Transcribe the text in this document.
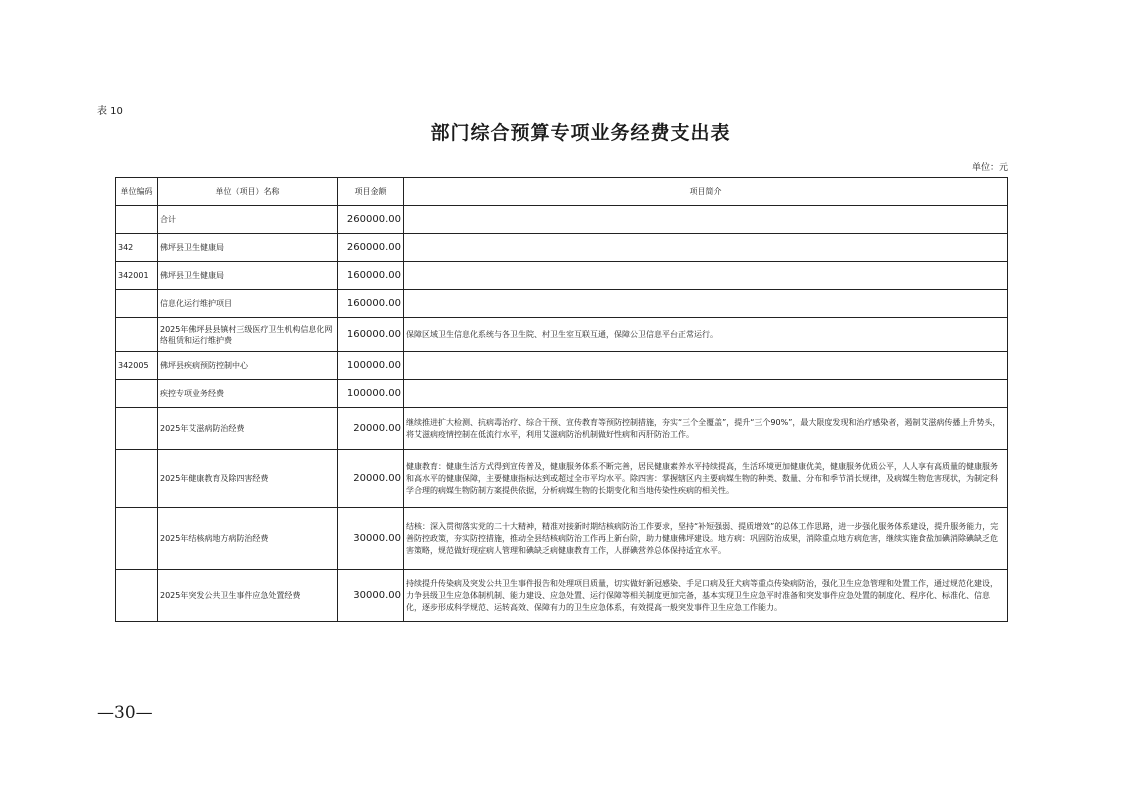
表 10
部门综合预算专项业务经费支出表
单位：元
单位编码	单位（项目）名称	项目金额	项目简介
	合计	260000.00	
342	佛坪县卫生健康局	260000.00	
342001	佛坪县卫生健康局	160000.00	
	信息化运行维护项目	160000.00	
	2025年佛坪县县镇村三级医疗卫生机构信息化网络租赁和运行维护费	160000.00	保障区域卫生信息化系统与各卫生院、村卫生室互联互通，保障公卫信息平台正常运行。
342005	佛坪县疾病预防控制中心	100000.00	
	疾控专项业务经费	100000.00	
	2025年艾滋病防治经费	20000.00	继续推进扩大检测、抗病毒治疗、综合干预、宣传教育等预防控制措施，夯实“三个全覆盖”，提升“三个90%”，最大限度发现和治疗感染者，遏制艾滋病传播上升势头，将艾滋病疫情控制在低流行水平，利用艾滋病防治机制做好性病和丙肝防治工作。
	2025年健康教育及除四害经费	20000.00	健康教育：健康生活方式得到宣传普及，健康服务体系不断完善，居民健康素养水平持续提高，生活环境更加健康优美，健康服务优质公平，人人享有高质量的健康服务和高水平的健康保障，主要健康指标达到或超过全市平均水平。除四害：掌握辖区内主要病媒生物的种类、数量、分布和季节消长规律，及病媒生物危害现状，为制定科学合理的病媒生物防制方案提供依据，分析病媒生物的长期变化和当地传染性疾病的相关性。
	2025年结核病地方病防治经费	30000.00	结核：深入贯彻落实党的二十大精神，精准对接新时期结核病防治工作要求，坚持“补短强弱、提质增效”的总体工作思路，进一步强化服务体系建设，提升服务能力，完善防控政策，夯实防控措施，推动全县结核病防治工作再上新台阶，助力健康佛坪建设。地方病：巩固防治成果，消除重点地方病危害，继续实施食盐加碘消除碘缺乏危害策略，规范做好现症病人管理和碘缺乏病健康教育工作，人群碘营养总体保持适宜水平。
	2025年突发公共卫生事件应急处置经费	30000.00	持续提升传染病及突发公共卫生事件报告和处理项目质量，切实做好新冠感染、手足口病及狂犬病等重点传染病防治，强化卫生应急管理和处置工作，通过规范化建设，力争县级卫生应急体制机制、能力建设、应急处置、运行保障等相关制度更加完备，基本实现卫生应急平时准备和突发事件应急处置的制度化、程序化、标准化、信息化，逐步形成科学规范、运转高效、保障有力的卫生应急体系，有效提高一般突发事件卫生应急工作能力。
—30—
